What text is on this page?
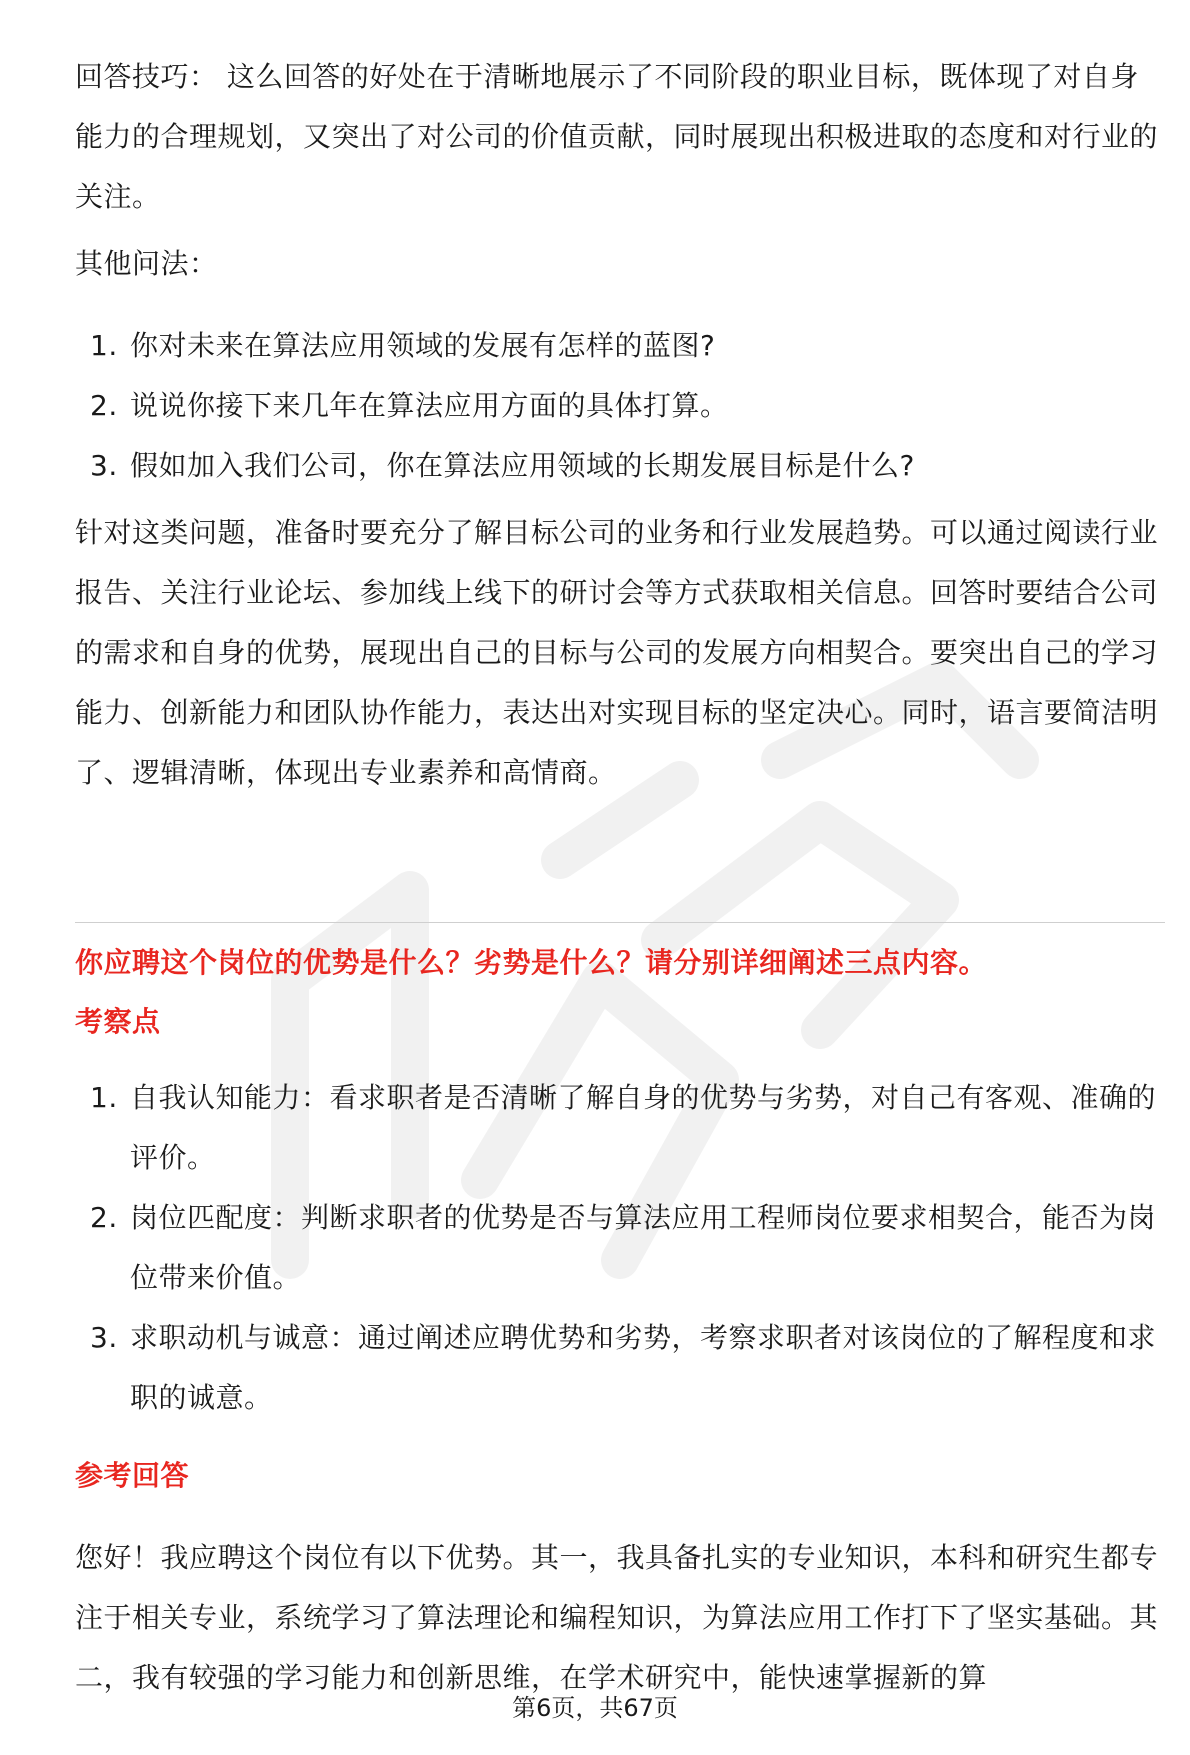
回答技巧： 这么回答的好处在于清晰地展示了不同阶段的职业目标，既体现了对自身能力的合理规划，又突出了对公司的价值贡献，同时展现出积极进取的态度和对行业的关注。

其他问法：

1. 你对未来在算法应用领域的发展有怎样的蓝图?
2. 说说你接下来几年在算法应用方面的具体打算。
3. 假如加入我们公司，你在算法应用领域的长期发展目标是什么?

针对这类问题，准备时要充分了解目标公司的业务和行业发展趋势。可以通过阅读行业报告、关注行业论坛、参加线上线下的研讨会等方式获取相关信息。回答时要结合公司的需求和自身的优势，展现出自己的目标与公司的发展方向相契合。要突出自己的学习能力、创新能力和团队协作能力，表达出对实现目标的坚定决心。同时，语言要简洁明了、逻辑清晰，体现出专业素养和高情商。

你应聘这个岗位的优势是什么？劣势是什么？请分别详细阐述三点内容。
考察点
1. 自我认知能力：看求职者是否清晰了解自身的优势与劣势，对自己有客观、准确的评价。
2. 岗位匹配度：判断求职者的优势是否与算法应用工程师岗位要求相契合，能否为岗位带来价值。
3. 求职动机与诚意：通过阐述应聘优势和劣势，考察求职者对该岗位的了解程度和求职的诚意。
参考回答

您好！我应聘这个岗位有以下优势。其一，我具备扎实的专业知识，本科和研究生都专注于相关专业，系统学习了算法理论和编程知识，为算法应用工作打下了坚实基础。其二，我有较强的学习能力和创新思维，在学术研究中，能快速掌握新的算

第6页，共67页
